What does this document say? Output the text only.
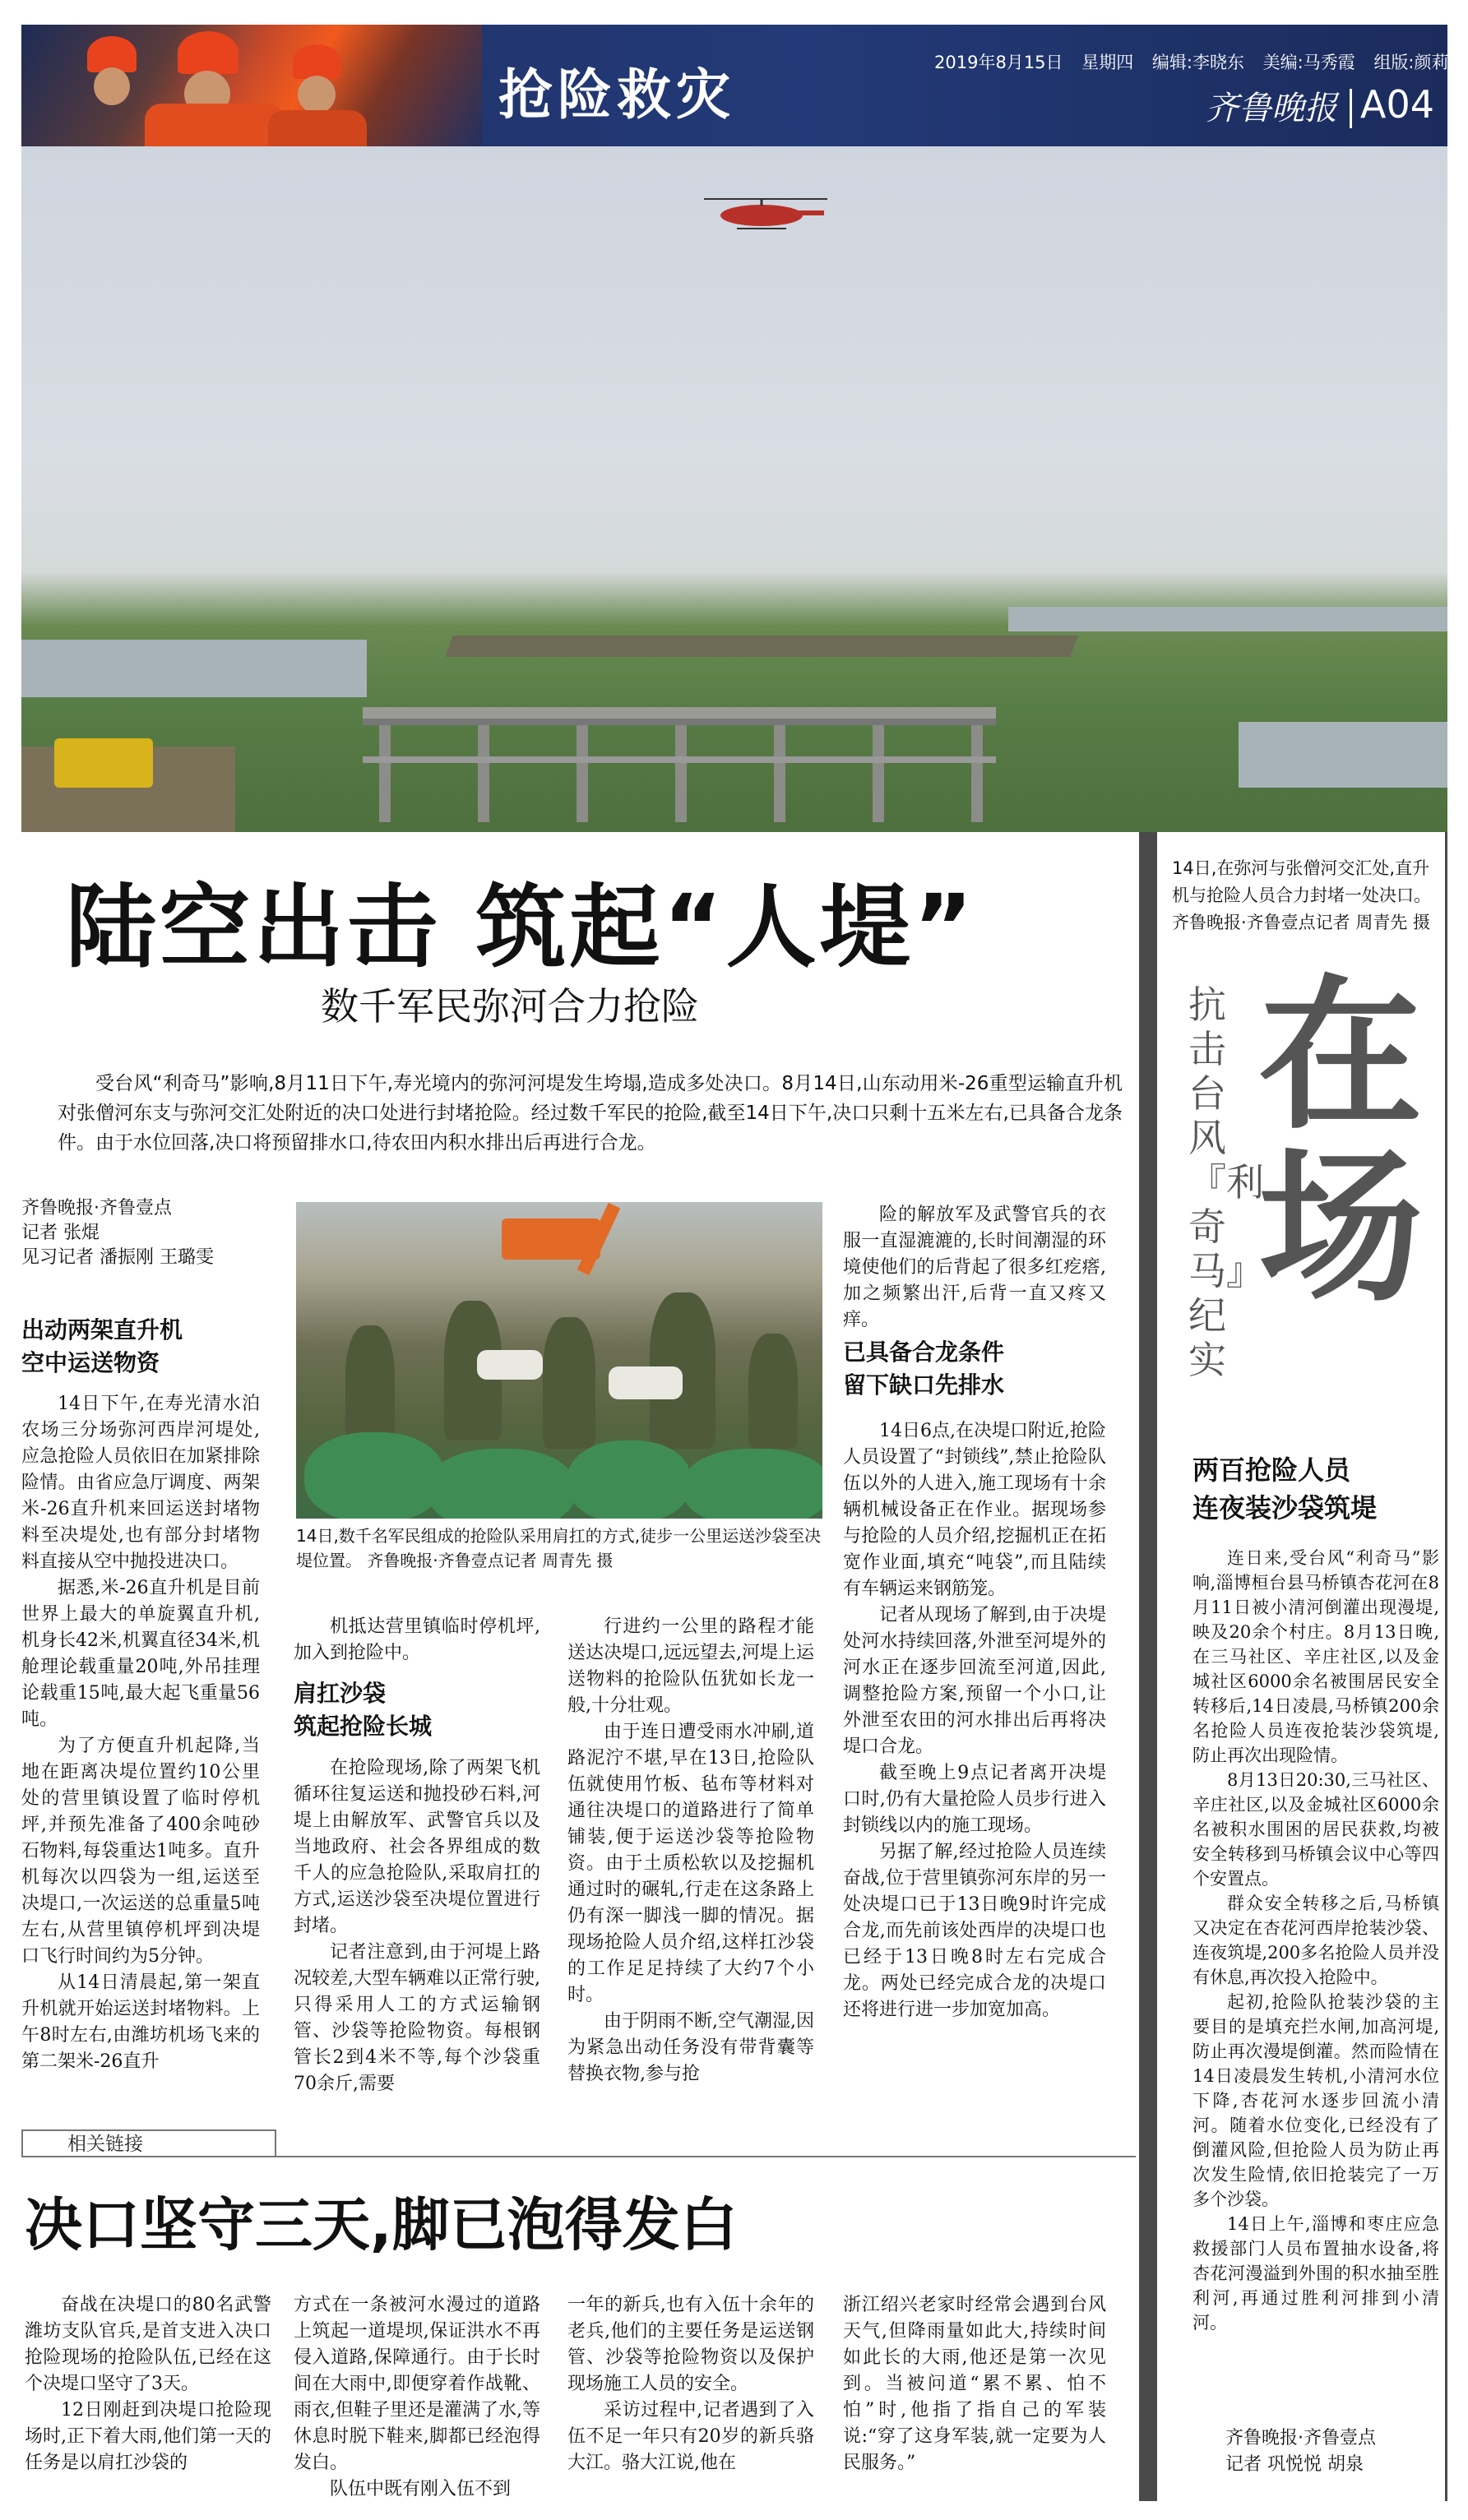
抢险救灾	2019年8月15日 星期四 编辑:李晓东 美编:马秀霞 组版:颜莉
齐鲁晚报 A04
14日,在弥河与张僧河交汇处,直升机与抢险人员合力封堵一处决口。齐鲁晚报·齐鲁壹点记者 周青先 摄
抗击台风『利奇马』纪实
在
场
两百抢险人员
连夜装沙袋筑堤

连日来,受台风“利奇马”影响,淄博桓台县马桥镇杏花河在8月11日被小清河倒灌出现漫堤,映及20余个村庄。8月13日晚,在三马社区、辛庄社区,以及金城社区6000余名被围居民安全转移后,14日凌晨,马桥镇200余名抢险人员连夜抢装沙袋筑堤,防止再次出现险情。

8月13日20:30,三马社区、辛庄社区,以及金城社区6000余名被积水围困的居民获救,均被安全转移到马桥镇会议中心等四个安置点。

群众安全转移之后,马桥镇又决定在杏花河西岸抢装沙袋、连夜筑堤,200多名抢险人员并没有休息,再次投入抢险中。

起初,抢险队抢装沙袋的主要目的是填充拦水闸,加高河堤,防止再次漫堤倒灌。然而险情在14日凌晨发生转机,小清河水位下降,杏花河水逐步回流小清河。随着水位变化,已经没有了倒灌风险,但抢险人员为防止再次发生险情,依旧抢装完了一万多个沙袋。

14日上午,淄博和枣庄应急救援部门人员布置抽水设备,将杏花河漫溢到外围的积水抽至胜利河,再通过胜利河排到小清河。

齐鲁晚报·齐鲁壹点
记者 巩悦悦 胡泉
陆空出击 筑起“人堤”
数千军民弥河合力抢险

受台风“利奇马”影响,8月11日下午,寿光境内的弥河河堤发生垮塌,造成多处决口。8月14日,山东动用米-26重型运输直升机对张僧河东支与弥河交汇处附近的决口处进行封堵抢险。经过数千军民的抢险,截至14日下午,决口只剩十五米左右,已具备合龙条件。由于水位回落,决口将预留排水口,待农田内积水排出后再进行合龙。

齐鲁晚报·齐鲁壹点
记者 张焜
见习记者 潘振刚 王璐雯
出动两架直升机
空中运送物资

14日下午,在寿光清水泊农场三分场弥河西岸河堤处,应急抢险人员依旧在加紧排除险情。由省应急厅调度、两架米-26直升机来回运送封堵物料至决堤处,也有部分封堵物料直接从空中抛投进决口。

据悉,米-26直升机是目前世界上最大的单旋翼直升机,机身长42米,机翼直径34米,机舱理论载重量20吨,外吊挂理论载重15吨,最大起飞重量56吨。

为了方便直升机起降,当地在距离决堤位置约10公里处的营里镇设置了临时停机坪,并预先准备了400余吨砂石物料,每袋重达1吨多。直升机每次以四袋为一组,运送至决堤口,一次运送的总重量5吨左右,从营里镇停机坪到决堤口飞行时间约为5分钟。

从14日清晨起,第一架直升机就开始运送封堵物料。上午8时左右,由潍坊机场飞来的第二架米-26直升

14日,数千名军民组成的抢险队采用肩扛的方式,徒步一公里运送沙袋至决堤位置。 齐鲁晚报·齐鲁壹点记者 周青先 摄

机抵达营里镇临时停机坪,加入到抢险中。

肩扛沙袋
筑起抢险长城

在抢险现场,除了两架飞机循环往复运送和抛投砂石料,河堤上由解放军、武警官兵以及当地政府、社会各界组成的数千人的应急抢险队,采取肩扛的方式,运送沙袋至决堤位置进行封堵。

记者注意到,由于河堤上路况较差,大型车辆难以正常行驶,只得采用人工的方式运输钢管、沙袋等抢险物资。每根钢管长2到4米不等,每个沙袋重70余斤,需要

行进约一公里的路程才能送达决堤口,远远望去,河堤上运送物料的抢险队伍犹如长龙一般,十分壮观。

由于连日遭受雨水冲刷,道路泥泞不堪,早在13日,抢险队伍就使用竹板、毡布等材料对通往决堤口的道路进行了简单铺装,便于运送沙袋等抢险物资。由于土质松软以及挖掘机通过时的碾轧,行走在这条路上仍有深一脚浅一脚的情况。据现场抢险人员介绍,这样扛沙袋的工作足足持续了大约7个小时。

由于阴雨不断,空气潮湿,因为紧急出动任务没有带背囊等替换衣物,参与抢

险的解放军及武警官兵的衣服一直湿漉漉的,长时间潮湿的环境使他们的后背起了很多红疙瘩,加之频繁出汗,后背一直又疼又痒。

已具备合龙条件
留下缺口先排水

14日6点,在决堤口附近,抢险人员设置了“封锁线”,禁止抢险队伍以外的人进入,施工现场有十余辆机械设备正在作业。据现场参与抢险的人员介绍,挖掘机正在拓宽作业面,填充“吨袋”,而且陆续有车辆运来钢筋笼。

记者从现场了解到,由于决堤处河水持续回落,外泄至河堤外的河水正在逐步回流至河道,因此,调整抢险方案,预留一个小口,让外泄至农田的河水排出后再将决堤口合龙。

截至晚上9点记者离开决堤口时,仍有大量抢险人员步行进入封锁线以内的施工现场。

另据了解,经过抢险人员连续奋战,位于营里镇弥河东岸的另一处决堤口已于13日晚9时许完成合龙,而先前该处西岸的决堤口也已经于13日晚8时左右完成合龙。两处已经完成合龙的决堤口还将进行进一步加宽加高。

相关链接
决口坚守三天,脚已泡得发白

奋战在决堤口的80名武警潍坊支队官兵,是首支进入决口抢险现场的抢险队伍,已经在这个决堤口坚守了3天。

12日刚赶到决堤口抢险现场时,正下着大雨,他们第一天的任务是以肩扛沙袋的

方式在一条被河水漫过的道路上筑起一道堤坝,保证洪水不再侵入道路,保障通行。由于长时间在大雨中,即便穿着作战靴、雨衣,但鞋子里还是灌满了水,等休息时脱下鞋来,脚都已经泡得发白。

队伍中既有刚入伍不到

一年的新兵,也有入伍十余年的老兵,他们的主要任务是运送钢管、沙袋等抢险物资以及保护现场施工人员的安全。

采访过程中,记者遇到了入伍不足一年只有20岁的新兵骆大江。骆大江说,他在

浙江绍兴老家时经常会遇到台风天气,但降雨量如此大,持续时间如此长的大雨,他还是第一次见到。当被问道“累不累、怕不怕”时,他指了指自己的军装说:“穿了这身军装,就一定要为人民服务。”
